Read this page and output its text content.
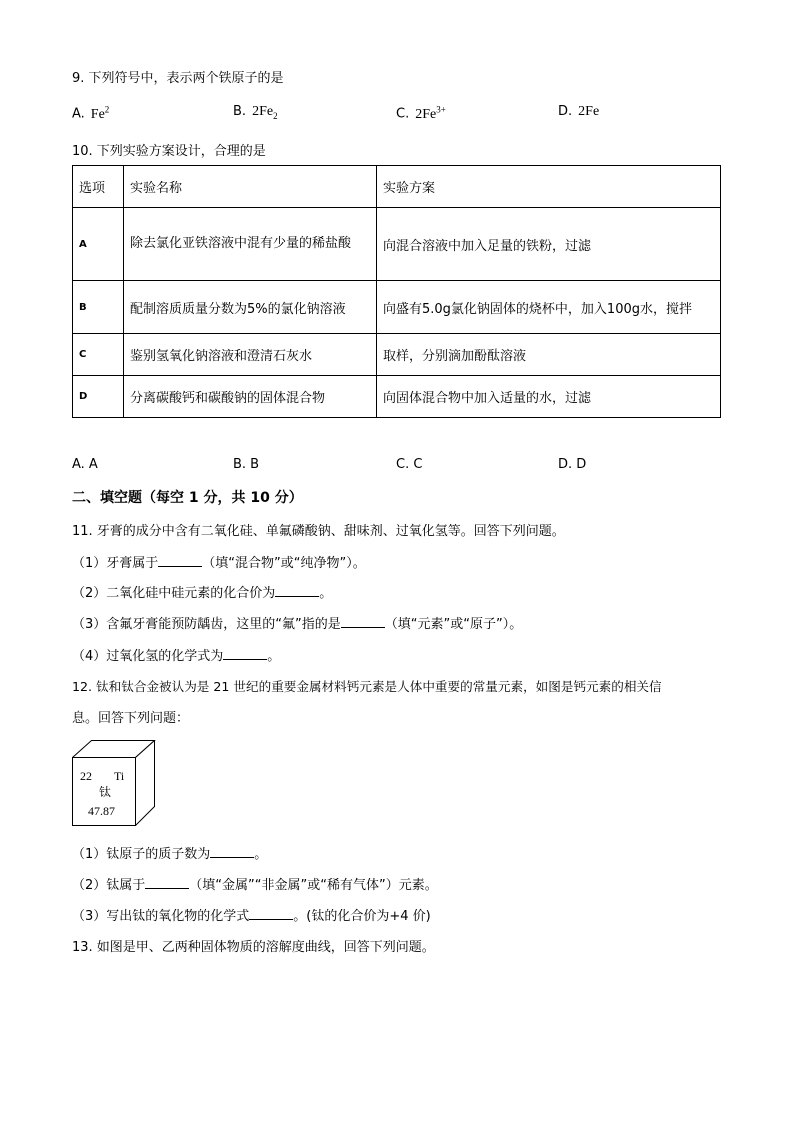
9. 下列符号中，表示两个铁原子的是
A. Fe$^2$	B. $2Fe_2$	C. $2Fe^{3+}$	D. 2Fe
10. 下列实验方案设计，合理的是
选项	实验名称	实验方案
A	除去氯化亚铁溶液中混有少量的稀盐酸	向混合溶液中加入足量的铁粉，过滤
B	配制溶质质量分数为5%的氯化钠溶液	向盛有5.0g氯化钠固体的烧杯中，加入100g水，搅拌
C	鉴别氢氧化钠溶液和澄清石灰水	取样，分别滴加酚酞溶液
D	分离碳酸钙和碳酸钠的固体混合物	向固体混合物中加入适量的水，过滤
A. A	B. B	C. C	D. D
二、填空题（每空 1 分，共 10 分）
11. 牙膏的成分中含有二氧化硅、单氟磷酸钠、甜味剂、过氧化氢等。回答下列问题。
（1）牙膏属于	（填“混合物”或“纯净物”）。
（2）二氧化硅中硅元素的化合价为	。
（3）含氟牙膏能预防龋齿，这里的“氟”指的是	（填“元素”或“原子”）。
（4）过氧化氢的化学式为	。
12. 钛和钛合金被认为是 21 世纪的重要金属材料钙元素是人体中重要的常量元素，如图是钙元素的相关信
息。回答下列问题：
22 Ti
钛
47.87
（1）钛原子的质子数为	。
（2）钛属于	（填“金属”“非金属”或“稀有气体”）元素。
（3）写出钛的氧化物的化学式	。(钛的化合价为+4 价)
13. 如图是甲、乙两种固体物质的溶解度曲线，回答下列问题。
